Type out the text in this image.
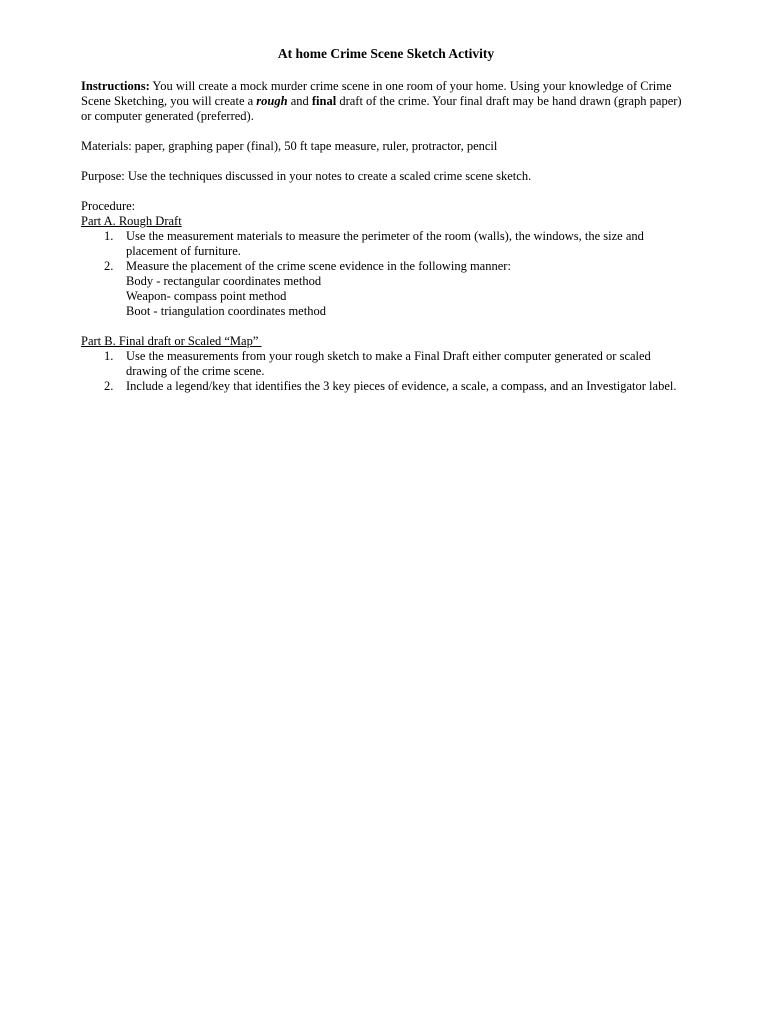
At home Crime Scene Sketch Activity

Instructions: You will create a mock murder crime scene in one room of your home. Using your knowledge of Crime Scene Sketching, you will create a rough and final draft of the crime. Your final draft may be hand drawn (graph paper) or computer generated (preferred).

Materials: paper, graphing paper (final), 50 ft tape measure, ruler, protractor, pencil

Purpose: Use the techniques discussed in your notes to create a scaled crime scene sketch.

Procedure:

Part A. Rough Draft

1. Use the measurement materials to measure the perimeter of the room (walls), the windows, the size and placement of furniture.
2. Measure the placement of the crime scene evidence in the following manner:
Body - rectangular coordinates method
Weapon- compass point method
Boot - triangulation coordinates method

Part B. Final draft or Scaled “Map”

1. Use the measurements from your rough sketch to make a Final Draft either computer generated or scaled drawing of the crime scene.
2. Include a legend/key that identifies the 3 key pieces of evidence, a scale, a compass, and an Investigator label.
